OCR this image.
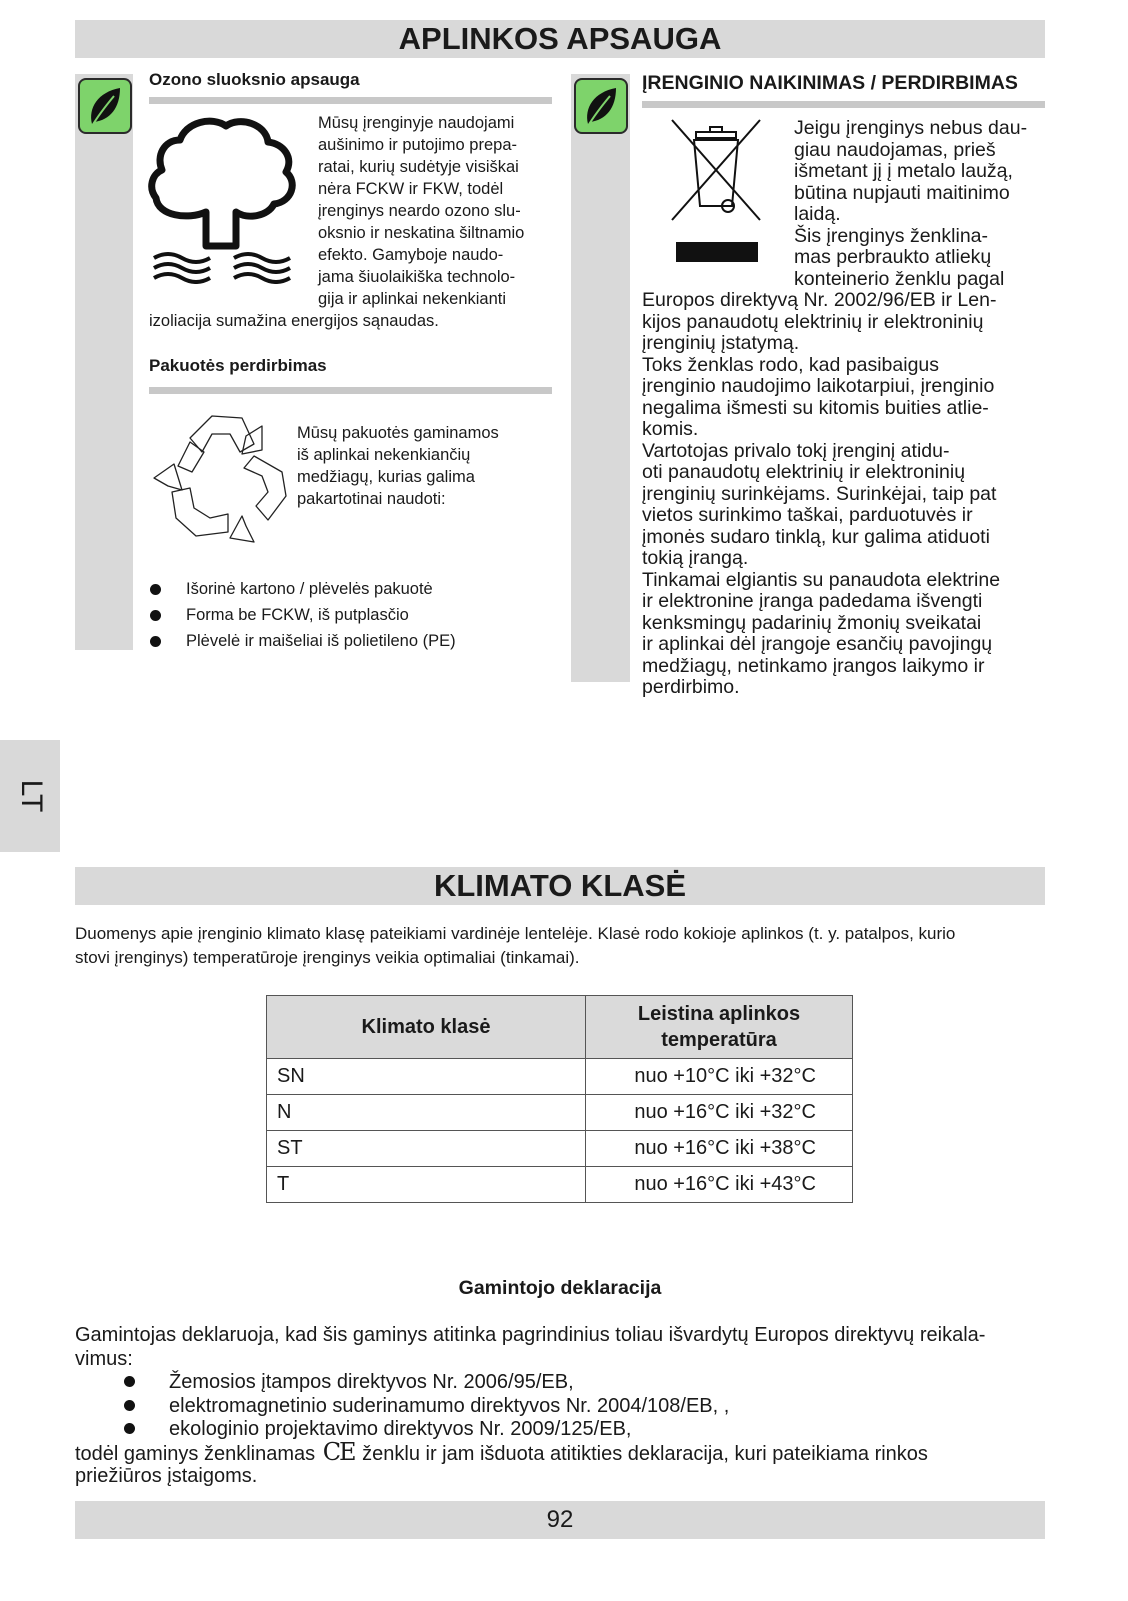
APLINKOS APSAUGA
Ozono sluoksnio apsauga
Mūsų įrenginyje naudojami
aušinimo ir putojimo prepa-
ratai, kurių sudėtyje visiškai
nėra FCKW ir FKW, todėl
įrenginys neardo ozono slu-
oksnio ir neskatina šiltnamio
efekto. Gamyboje naudo-
jama šiuolaikiška technolo-
gija ir aplinkai nekenkianti
izoliacija sumažina energijos sąnaudas.
Pakuotės perdirbimas
Mūsų pakuotės gaminamos
iš aplinkai nekenkiančių
medžiagų, kurias galima
pakartotinai naudoti:
Išorinė kartono / plėvelės pakuotė
Forma be FCKW, iš putplasčio
Plėvelė ir maišeliai iš polietileno (PE)
ĮRENGINIO NAIKINIMAS / PERDIRBIMAS
Jeigu įrenginys nebus dau-
giau naudojamas, prieš
išmetant jį į metalo laužą,
būtina nupjauti maitinimo
laidą.
Šis įrenginys ženklina-
mas perbraukto atliekų
konteinerio ženklu pagal
Europos direktyvą Nr. 2002/96/EB ir Len-
kijos panaudotų elektrinių ir elektroninių
įrenginių įstatymą.
Toks ženklas rodo, kad pasibaigus
įrenginio naudojimo laikotarpiui, įrenginio
negalima išmesti su kitomis buities atlie-
komis.
Vartotojas privalo tokį įrenginį atidu-
oti panaudotų elektrinių ir elektroninių
įrenginių surinkėjams. Surinkėjai, taip pat
vietos surinkimo taškai, parduotuvės ir
įmonės sudaro tinklą, kur galima atiduoti
tokią įrangą.
Tinkamai elgiantis su panaudota elektrine
ir elektronine įranga padedama išvengti
kenksmingų padarinių žmonių sveikatai
ir aplinkai dėl įrangoje esančių pavojingų
medžiagų, netinkamo įrangos laikymo ir
perdirbimo.
LT
KLIMATO KLASĖ
Duomenys apie įrenginio klimato klasę pateikiami vardinėje lentelėje. Klasė rodo kokioje aplinkos (t. y. patalpos, kurio
stovi įrenginys) temperatūroje įrenginys veikia optimaliai (tinkamai).
Klimato klasė	Leistina aplinkos
temperatūra
SN	nuo +10°C iki +32°C
N	nuo +16°C iki +32°C
ST	nuo +16°C iki +38°C
T	nuo +16°C iki +43°C
Gamintojo deklaracija
Gamintojas deklaruoja, kad šis gaminys atitinka pagrindinius toliau išvardytų Europos direktyvų reikala-
vimus:
Žemosios įtampos direktyvos Nr. 2006/95/EB,
elektromagnetinio suderinamumo direktyvos Nr. 2004/108/EB, ,
ekologinio projektavimo direktyvos Nr. 2009/125/EB,
todėl gaminys ženklinamas CE ženklu ir jam išduota atitikties deklaracija, kuri pateikiama rinkos
priežiūros įstaigoms.
92
